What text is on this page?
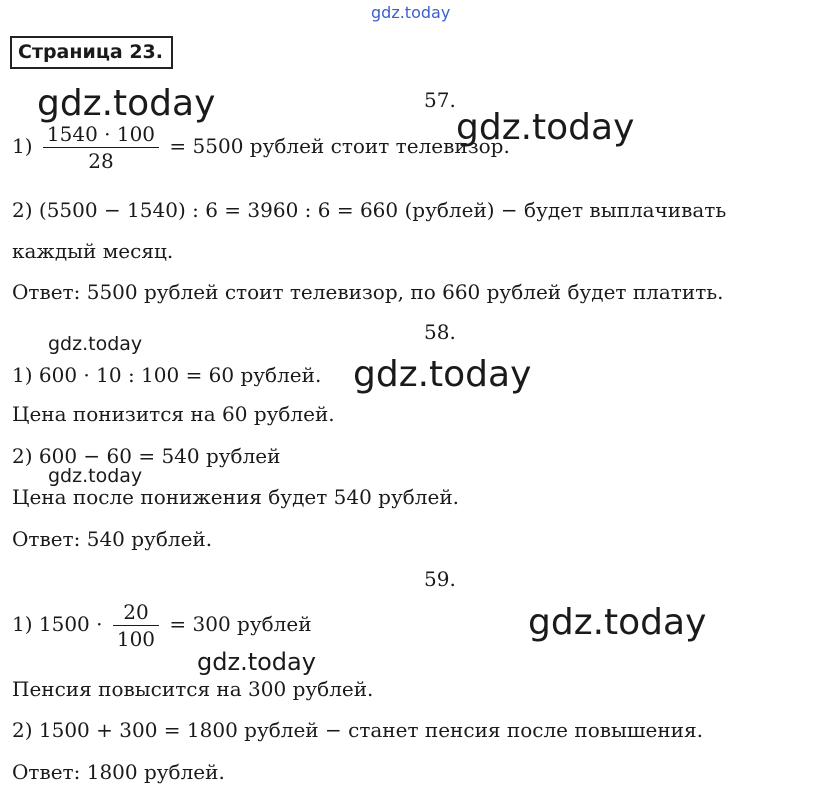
gdz.today
Страница 23.
gdz.today	57.
gdz.today
$1) \frac{1540 \cdot 100}{28} = 5500$ рублей стоит телевизор.
2) (5500 − 1540) : 6 = 3960 : 6 = 660 (рублей) − будет выплачивать
каждый месяц.
Ответ: 5500 рублей стоит телевизор, по 660 рублей будет платить.
58.
gdz.today
1) 600 · 10 : 100 = 60 рублей. gdz.today
Цена понизится на 60 рублей.
2) 600 − 60 = 540 рублей
gdz.today
Цена после понижения будет 540 рублей.
Ответ: 540 рублей.
59.
gdz.today
1) $1500 \cdot \frac{20}{100} = 300$ рублей
gdz.today
Пенсия повысится на 300 рублей.
2) 1500 + 300 = 1800 рублей − станет пенсия после повышения.
Ответ: 1800 рублей.
